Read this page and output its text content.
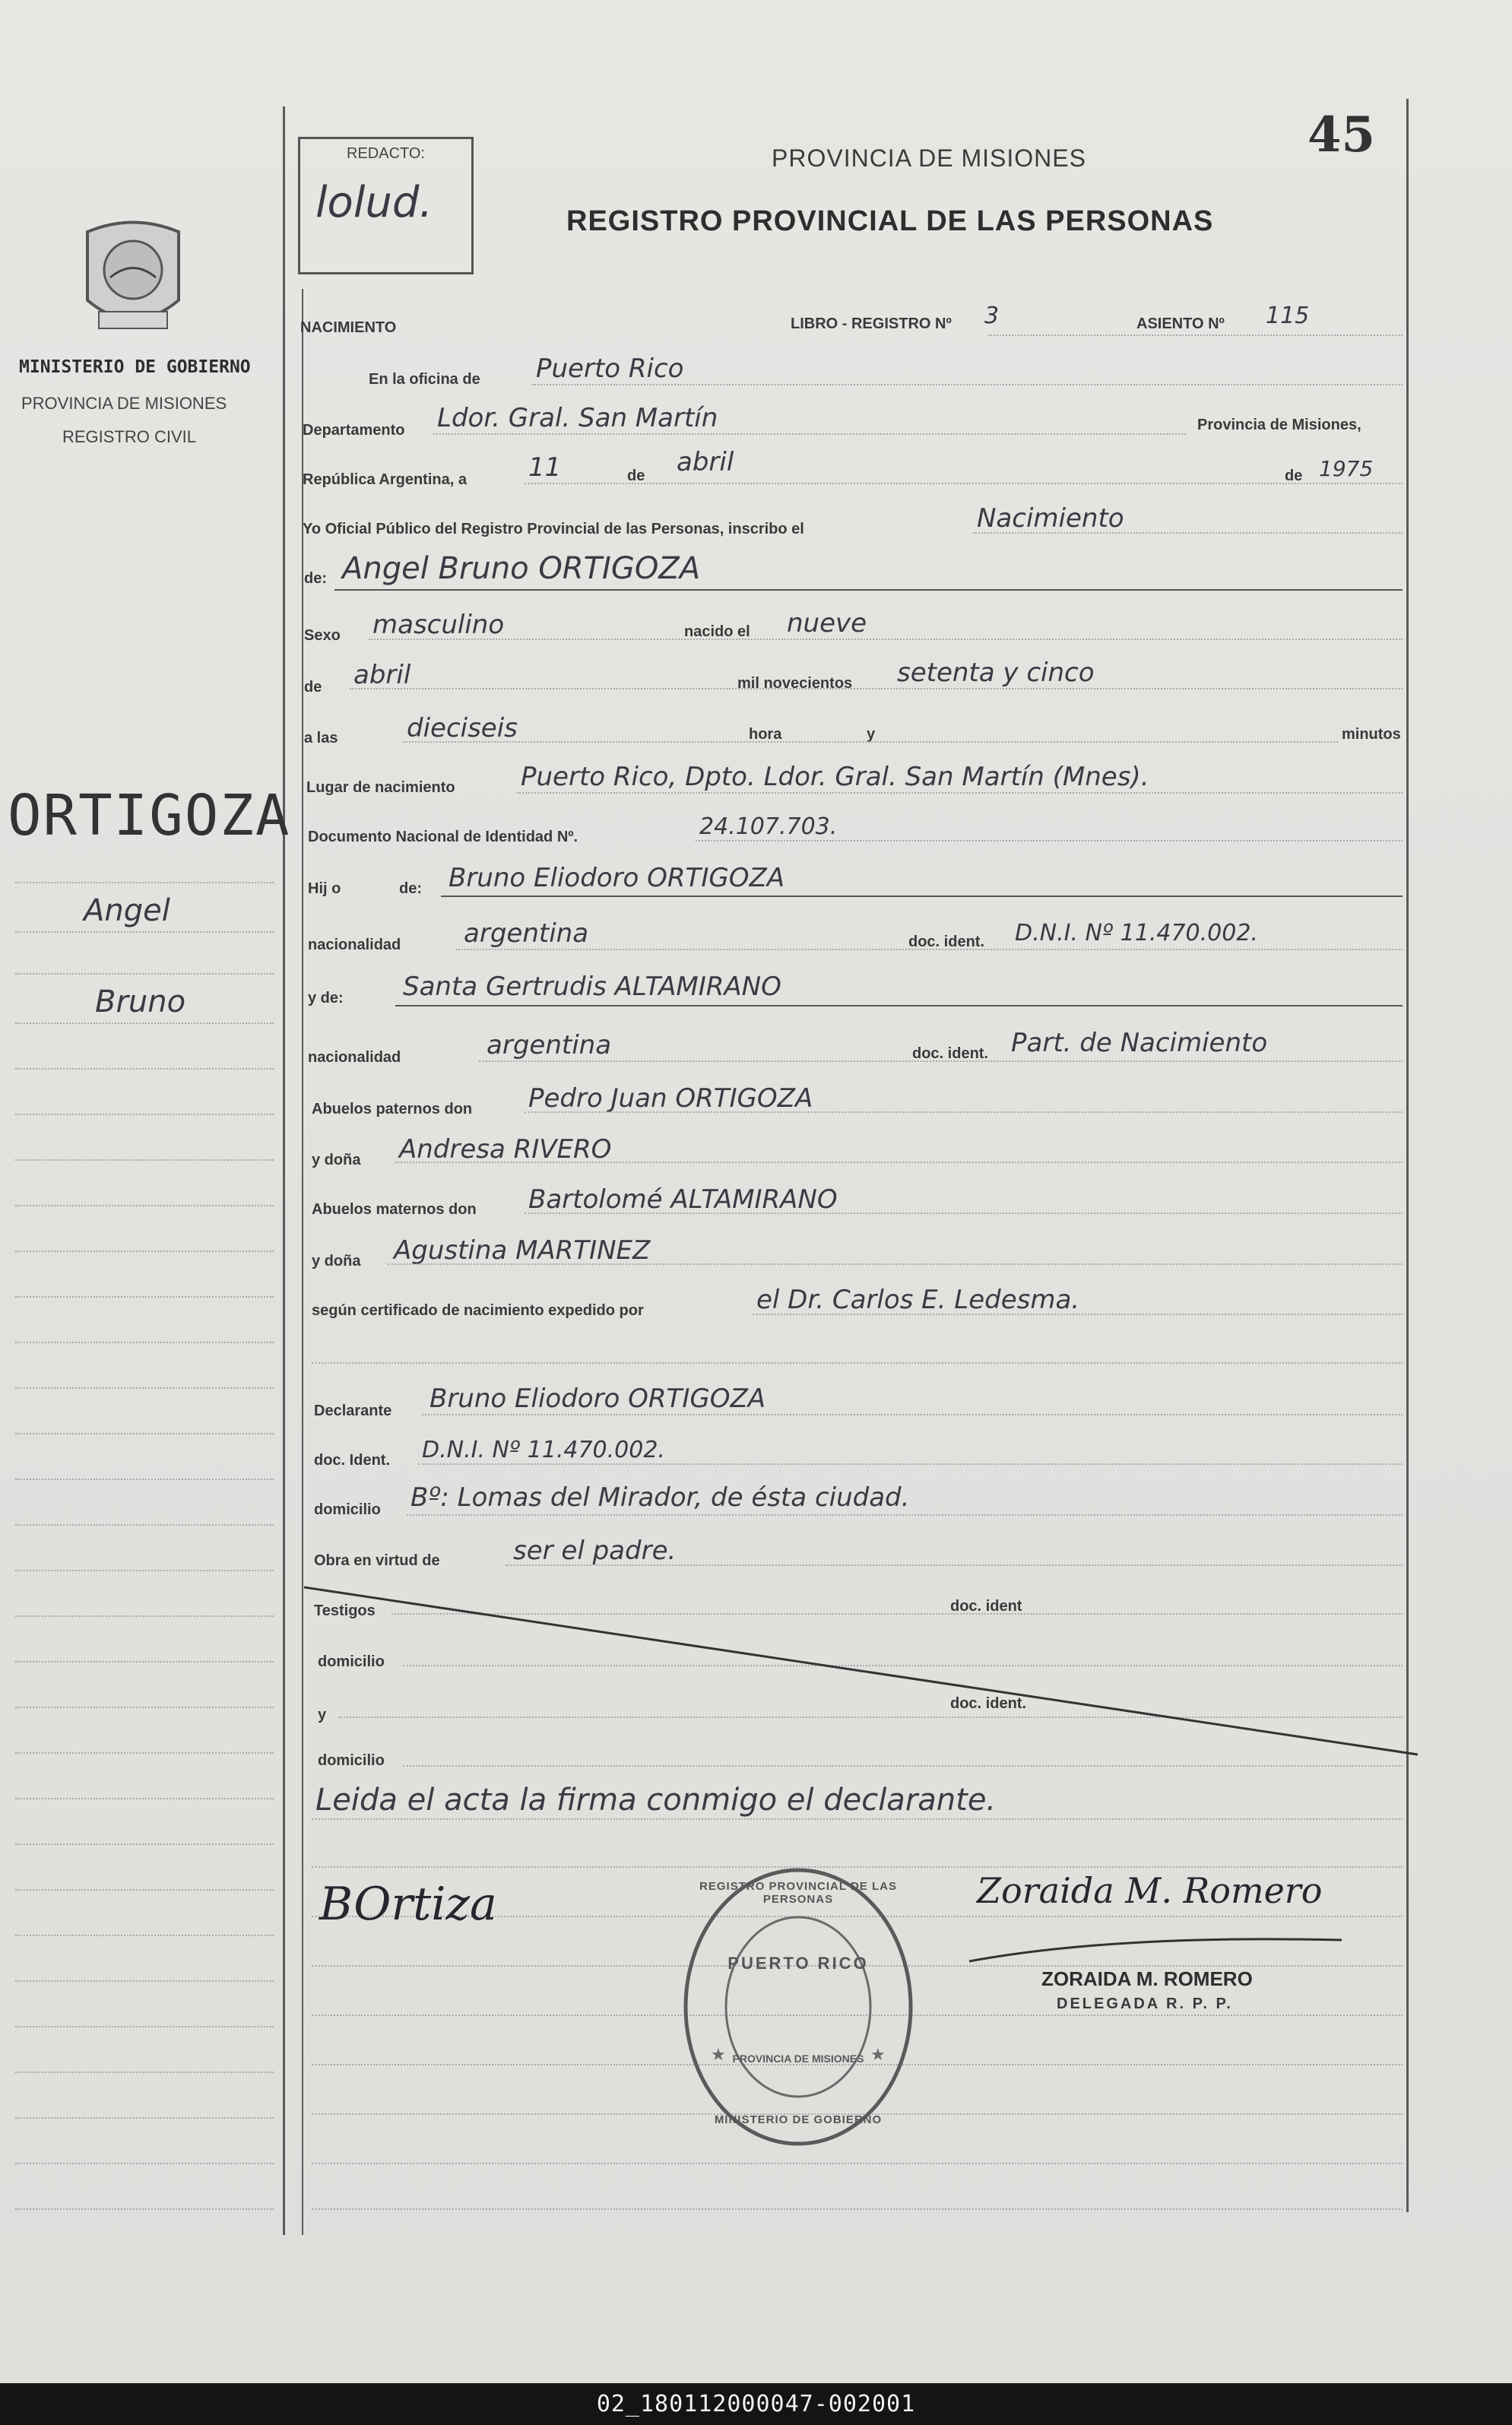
45
REDACTO:
lolud.
PROVINCIA DE MISIONES
REGISTRO PROVINCIAL DE LAS PERSONAS
MINISTERIO DE GOBIERNO
PROVINCIA DE MISIONES
REGISTRO CIVIL
ORTIGOZA
Angel
Bruno
NACIMIENTO	LIBRO - REGISTRO Nº 3	ASIENTO Nº 115
En la oficina de Puerto Rico
Departamento Ldor. Gral. San Martín	Provincia de Misiones,
República Argentina, a 11	de abril	de 1975
Yo Oficial Público del Registro Provincial de las Personas, inscribo el	Nacimiento
de: Angel Bruno ORTIGOZA
Sexo masculino	nacido el nueve
de abril	mil novecientos setenta y cinco
a las	dieciseis	hora	y	minutos
Lugar de nacimiento	Puerto Rico, Dpto. Ldor. Gral. San Martín (Mnes).
Documento Nacional de Identidad Nº.	24.107.703.
Hij o	de: Bruno Eliodoro ORTIGOZA
nacionalidad argentina	doc. ident. D.N.I. Nº 11.470.002.
y de: Santa Gertrudis ALTAMIRANO
nacionalidad	argentina	doc. ident. Part. de Nacimiento
Abuelos paternos don Pedro Juan ORTIGOZA
y doña Andresa RIVERO
Abuelos maternos don Bartolomé ALTAMIRANO
y doña Agustina MARTINEZ
según certificado de nacimiento expedido por	el Dr. Carlos E. Ledesma.
Declarante Bruno Eliodoro ORTIGOZA
doc. Ident. D.N.I. Nº 11.470.002.
domicilio Bº: Lomas del Mirador, de ésta ciudad.
Obra en virtud de	ser el padre.
Testigos	doc. ident
domicilio
y
doc. ident.
domicilio
Leida el acta la firma conmigo el declarante.
BOrtiza	Zoraida M. Romero
ZORAIDA M. ROMERO
DELEGADA R. P. P.
★	★
REGISTRO PROVINCIAL DE LAS PERSONAS
PUERTO RICO
PROVINCIA DE MISIONES
MINISTERIO DE GOBIERNO
02_180112000047-002001
